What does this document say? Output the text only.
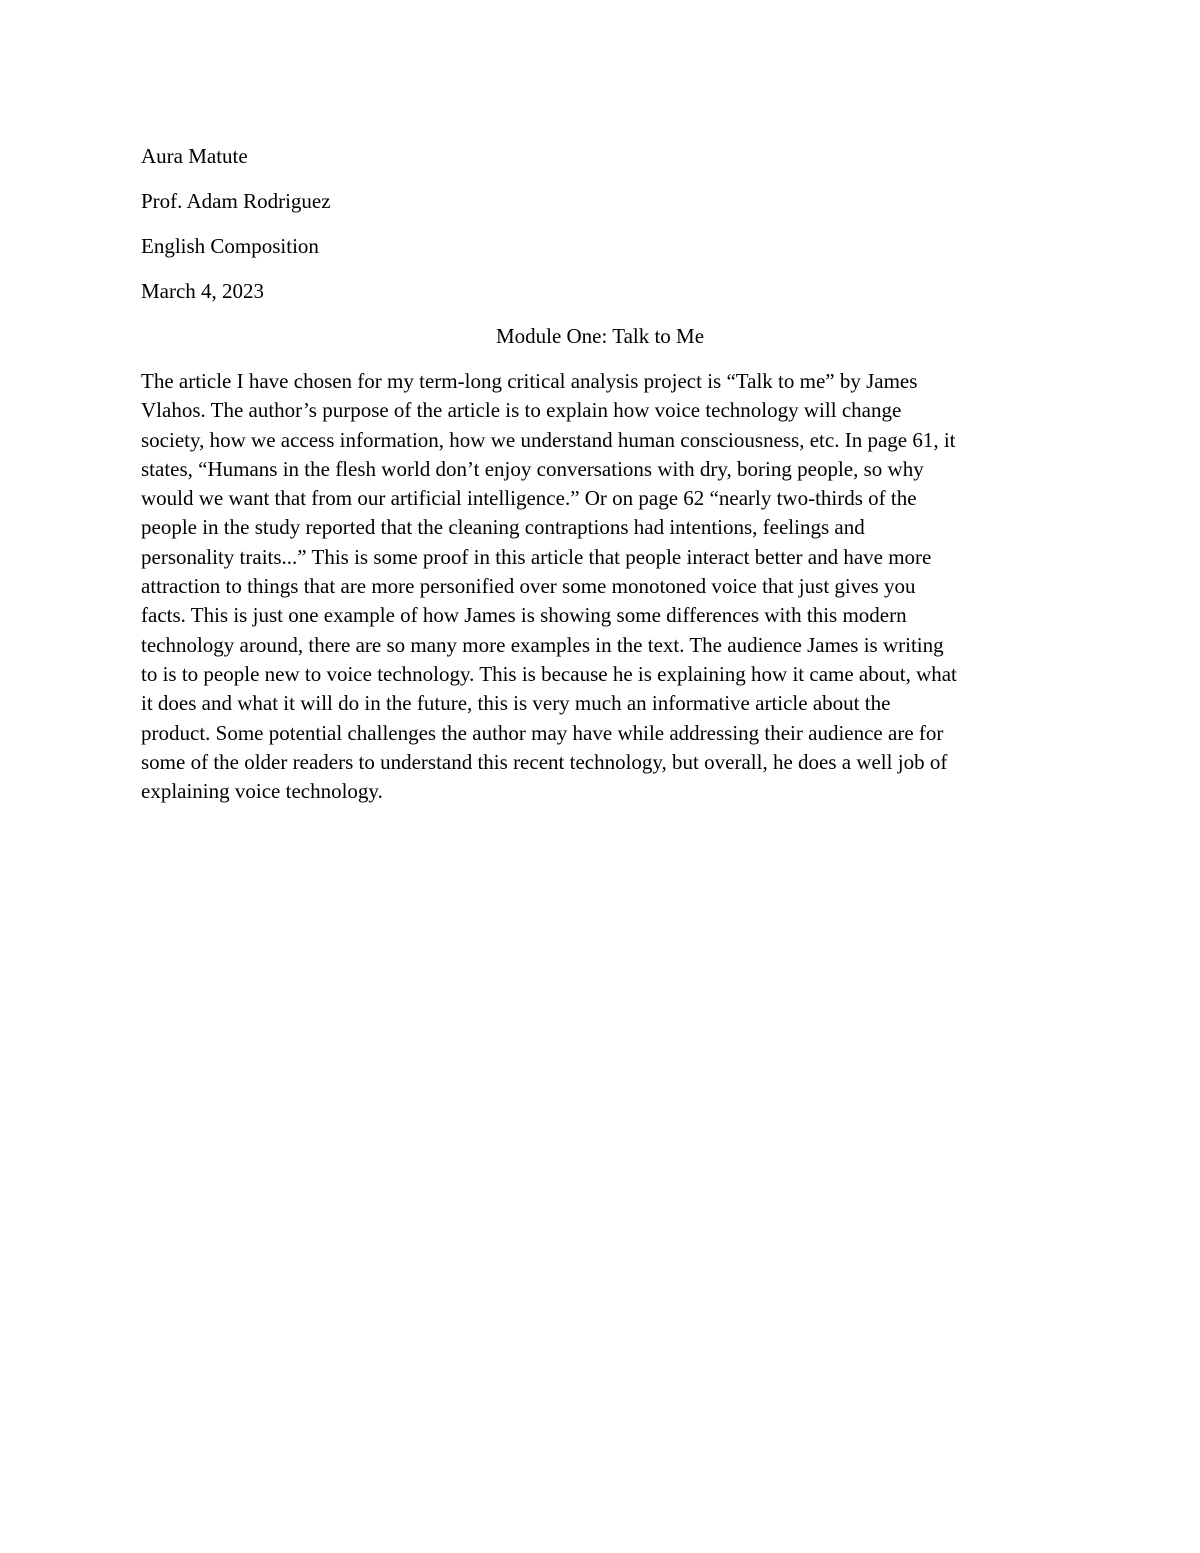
Aura Matute
Prof. Adam Rodriguez
English Composition
March 4, 2023
Module One: Talk to Me
The article I have chosen for my term-long critical analysis project is “Talk to me” by James
Vlahos. The author’s purpose of the article is to explain how voice technology will change
society, how we access information, how we understand human consciousness, etc. In page 61, it
states, “Humans in the flesh world don’t enjoy conversations with dry, boring people, so why
would we want that from our artificial intelligence.” Or on page 62 “nearly two-thirds of the
people in the study reported that the cleaning contraptions had intentions, feelings and
personality traits...” This is some proof in this article that people interact better and have more
attraction to things that are more personified over some monotoned voice that just gives you
facts. This is just one example of how James is showing some differences with this modern
technology around, there are so many more examples in the text. The audience James is writing
to is to people new to voice technology. This is because he is explaining how it came about, what
it does and what it will do in the future, this is very much an informative article about the
product. Some potential challenges the author may have while addressing their audience are for
some of the older readers to understand this recent technology, but overall, he does a well job of
explaining voice technology.
